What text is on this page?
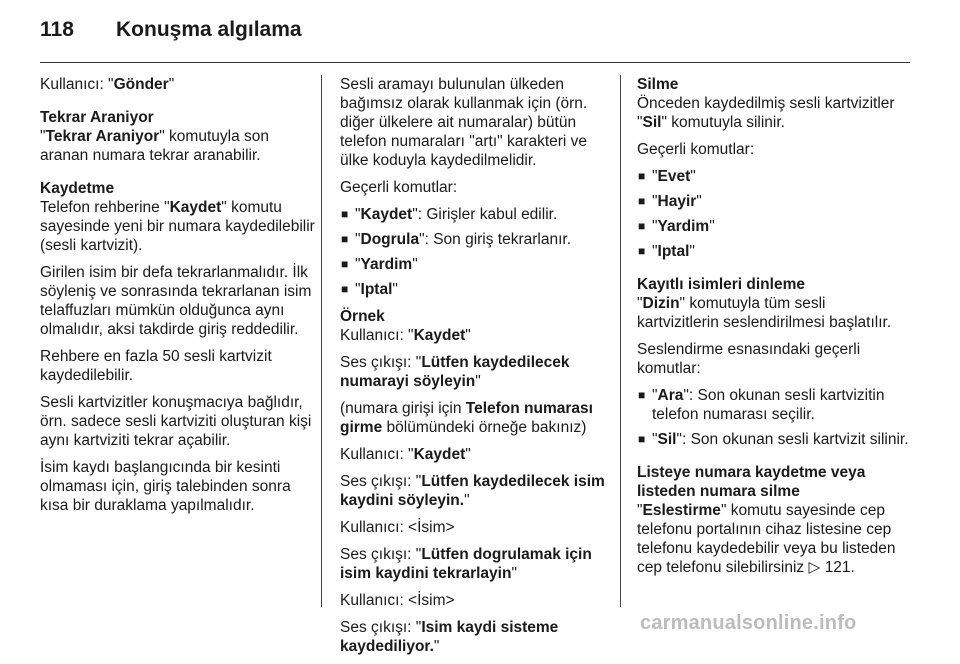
118	Konuşma algılama

Kullanıcı: "Gönder"

Tekrar Araniyor

"Tekrar Araniyor" komutuyla son aranan numara tekrar aranabilir.

Kaydetme

Telefon rehberine "Kaydet" komutu sayesinde yeni bir numara kaydedilebilir (sesli kartvizit).

Girilen isim bir defa tekrarlanmalıdır. İlk söyleniş ve sonrasında tekrarlanan isim telaffuzları mümkün olduğunca aynı olmalıdır, aksi takdirde giriş reddedilir.

Rehbere en fazla 50 sesli kartvizit kaydedilebilir.

Sesli kartvizitler konuşmacıya bağlıdır, örn. sadece sesli kartviziti oluşturan kişi aynı kartviziti tekrar açabilir.

İsim kaydı başlangıcında bir kesinti olmaması için, giriş talebinden sonra kısa bir duraklama yapılmalıdır.

Sesli aramayı bulunulan ülkeden bağımsız olarak kullanmak için (örn. diğer ülkelere ait numaralar) bütün telefon numaraları "artı" karakteri ve ülke koduyla kaydedilmelidir.

Geçerli komutlar:

■ "Kaydet": Girişler kabul edilir.
■ "Dogrula": Son giriş tekrarlanır.
■ "Yardim"
■ "Iptal"

Örnek

Kullanıcı: "Kaydet"

Ses çıkışı: "Lütfen kaydedilecek numarayi söyleyin"

(numara girişi için Telefon numarası girme bölümündeki örneğe bakınız)

Kullanıcı: "Kaydet"

Ses çıkışı: "Lütfen kaydedilecek isim kaydini söyleyin."

Kullanıcı: <İsim>

Ses çıkışı: "Lütfen dogrulamak için isim kaydini tekrarlayin"

Kullanıcı: <İsim>

Ses çıkışı: "Isim kaydi sisteme kaydediliyor."

Silme

Önceden kaydedilmiş sesli kartvizitler "Sil" komutuyla silinir.

Geçerli komutlar:

■ "Evet"
■ "Hayir"
■ "Yardim"
■ "Iptal"

Kayıtlı isimleri dinleme

"Dizin" komutuyla tüm sesli kartvizitlerin seslendirilmesi başlatılır.

Seslendirme esnasındaki geçerli komutlar:

■ "Ara": Son okunan sesli kartvizitin telefon numarası seçilir.
■ "Sil": Son okunan sesli kartvizit silinir.

Listeye numara kaydetme veya listeden numara silme

"Eslestirme" komutu sayesinde cep telefonu portalının cihaz listesine cep telefonu kaydedebilir veya bu listeden cep telefonu silebilirsiniz ▷ 121.

carmanualsonline.info
